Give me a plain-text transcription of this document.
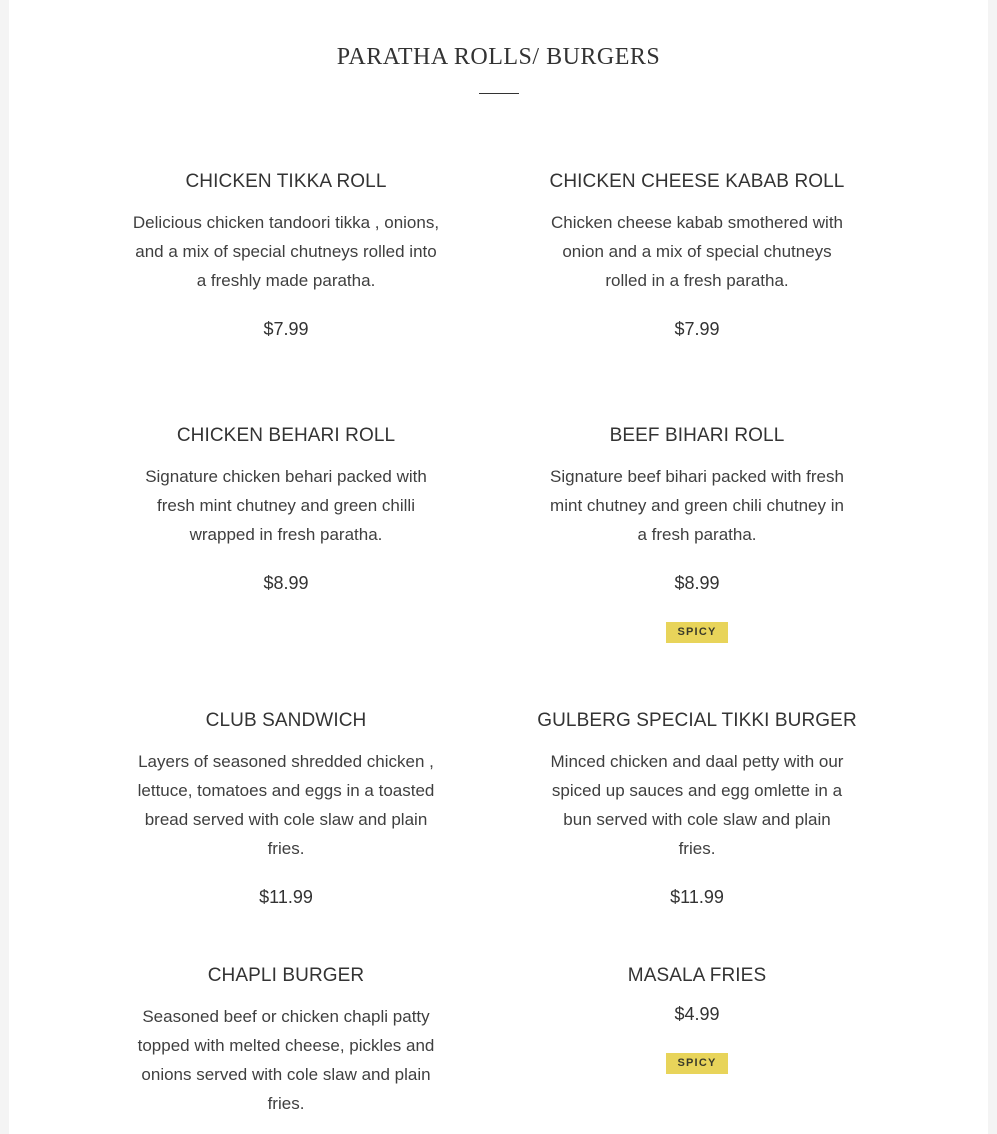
PARATHA ROLLS/ BURGERS
CHICKEN TIKKA ROLL

Delicious chicken tandoori tikka , onions, and a mix of special chutneys rolled into a freshly made paratha.

$7.99
CHICKEN CHEESE KABAB ROLL

Chicken cheese kabab smothered with onion and a mix of special chutneys rolled in a fresh paratha.

$7.99
CHICKEN BEHARI ROLL

Signature chicken behari packed with fresh mint chutney and green chilli wrapped in fresh paratha.

$8.99
BEEF BIHARI ROLL

Signature beef bihari packed with fresh mint chutney and green chili chutney in a fresh paratha.

$8.99
SPICY
CLUB SANDWICH

Layers of seasoned shredded chicken , lettuce, tomatoes and eggs in a toasted bread served with cole slaw and plain fries.

$11.99
GULBERG SPECIAL TIKKI BURGER

Minced chicken and daal petty with our spiced up sauces and egg omlette in a bun served with cole slaw and plain fries.

$11.99
CHAPLI BURGER

Seasoned beef or chicken chapli patty topped with melted cheese, pickles and onions served with cole slaw and plain fries.

MASALA FRIES
$4.99
SPICY
